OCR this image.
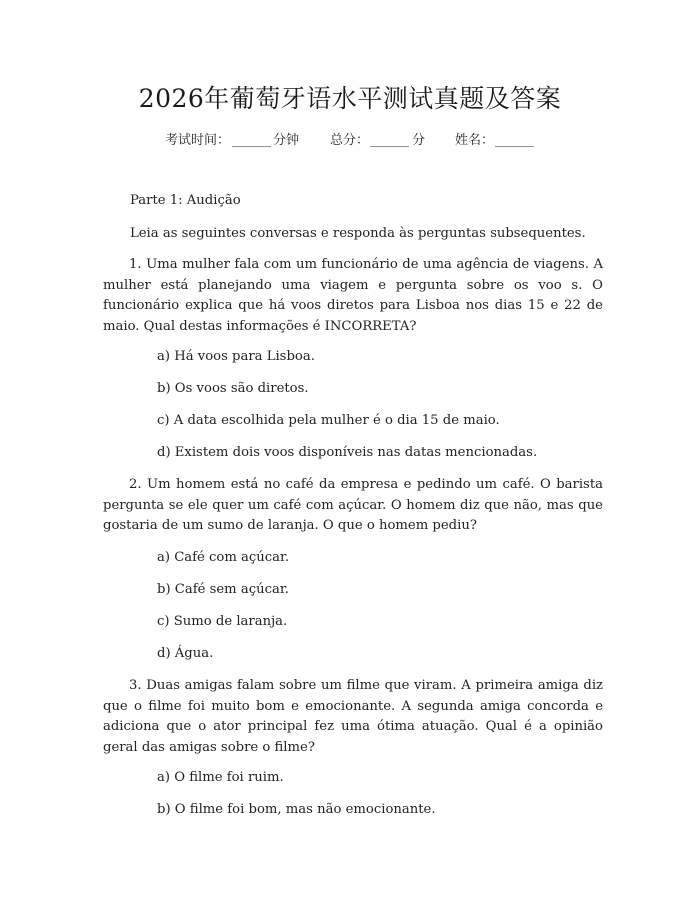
2026年葡萄牙语水平测试真题及答案
考试时间： ______ 分钟 总分： ______ 分 姓名： ______
Parte 1: Audição
Leia as seguintes conversas e responda às perguntas subsequentes.
1. Uma mulher fala com um funcionário de uma agência de viagens. A mulher está planejando uma viagem e pergunta sobre os voo s. O funcionário explica que há voos diretos para Lisboa nos dias 15 e 22 de maio. Qual destas informações é INCORRETA?
a) Há voos para Lisboa.
b) Os voos são diretos.
c) A data escolhida pela mulher é o dia 15 de maio.
d) Existem dois voos disponíveis nas datas mencionadas.
2. Um homem está no café da empresa e pedindo um café. O barista pergunta se ele quer um café com açúcar. O homem diz que não, mas que gostaria de um sumo de laranja. O que o homem pediu?
a) Café com açúcar.
b) Café sem açúcar.
c) Sumo de laranja.
d) Água.
3. Duas amigas falam sobre um filme que viram. A primeira amiga diz que o filme foi muito bom e emocionante. A segunda amiga concorda e adiciona que o ator principal fez uma ótima atuação. Qual é a opinião geral das amigas sobre o filme?
a) O filme foi ruim.
b) O filme foi bom, mas não emocionante.
